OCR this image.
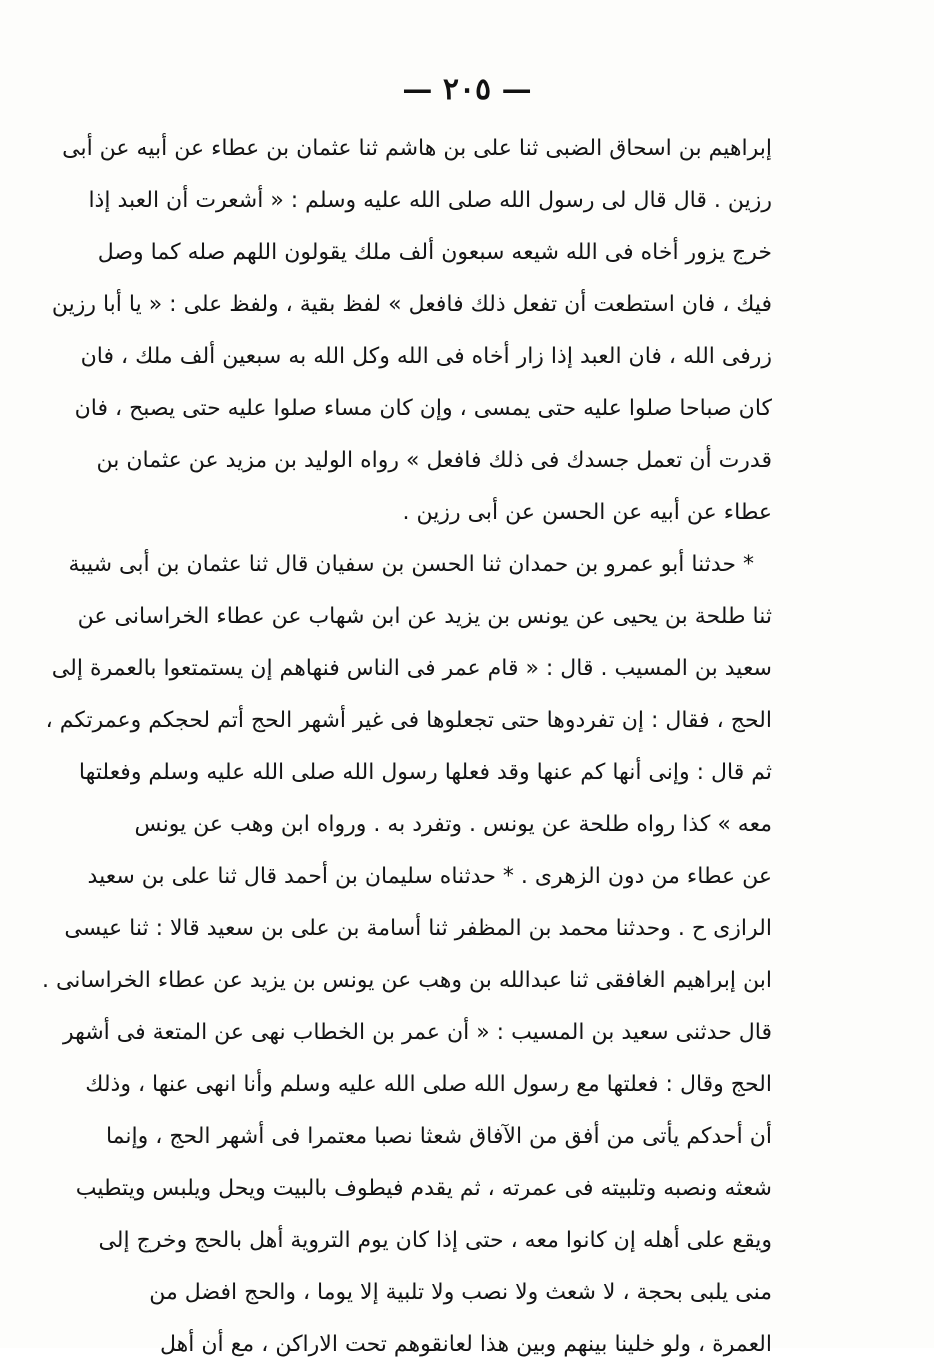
— ٢٠٥ —
إبراهيم بن اسحاق الضبى ثنا على بن هاشم ثنا عثمان بن عطاء عن أبيه عن أبى
رزين . قال قال لى رسول الله صلى الله عليه وسلم : « أشعرت أن العبد إذا
خرج يزور أخاه فى الله شيعه سبعون ألف ملك يقولون اللهم صله كما وصل
فيك ، فان استطعت أن تفعل ذلك فافعل » لفظ بقية ، ولفظ على : « يا أبا رزين
زرفى الله ، فان العبد إذا زار أخاه فى الله وكل الله به سبعين ألف ملك ، فان
كان صباحا صلوا عليه حتى يمسى ، وإن كان مساء صلوا عليه حتى يصبح ، فان
قدرت أن تعمل جسدك فى ذلك فافعل » رواه الوليد بن مزيد عن عثمان بن
عطاء عن أبيه عن الحسن عن أبى رزين .
* حدثنا أبو عمرو بن حمدان ثنا الحسن بن سفيان قال ثنا عثمان بن أبى شيبة
ثنا طلحة بن يحيى عن يونس بن يزيد عن ابن شهاب عن عطاء الخراسانى عن
سعيد بن المسيب . قال : « قام عمر فى الناس فنهاهم إن يستمتعوا بالعمرة إلى
الحج ، فقال : إن تفردوها حتى تجعلوها فى غير أشهر الحج أتم لحجكم وعمرتكم ،
ثم قال : وإنى أنها كم عنها وقد فعلها رسول الله صلى الله عليه وسلم وفعلتها
معه » كذا رواه طلحة عن يونس . وتفرد به . ورواه ابن وهب عن يونس
عن عطاء من دون الزهرى . * حدثناه سليمان بن أحمد قال ثنا على بن سعيد
الرازى ح . وحدثنا محمد بن المظفر ثنا أسامة بن على بن سعيد قالا : ثنا عيسى
ابن إبراهيم الغافقى ثنا عبدالله بن وهب عن يونس بن يزيد عن عطاء الخراسانى .
قال حدثنى سعيد بن المسيب : « أن عمر بن الخطاب نهى عن المتعة فى أشهر
الحج وقال : فعلتها مع رسول الله صلى الله عليه وسلم وأنا انهى عنها ، وذلك
أن أحدكم يأتى من أفق من الآفاق شعثا نصبا معتمرا فى أشهر الحج ، وإنما
شعثه ونصبه وتلبيته فى عمرته ، ثم يقدم فيطوف بالبيت ويحل ويلبس ويتطيب
ويقع على أهله إن كانوا معه ، حتى إذا كان يوم التروية أهل بالحج وخرج إلى
منى يلبى بحجة ، لا شعث ولا نصب ولا تلبية إلا يوما ، والحج افضل من
العمرة ، ولو خلينا بينهم وبين هذا لعانقوهم تحت الاراكن ، مع أن أهل
